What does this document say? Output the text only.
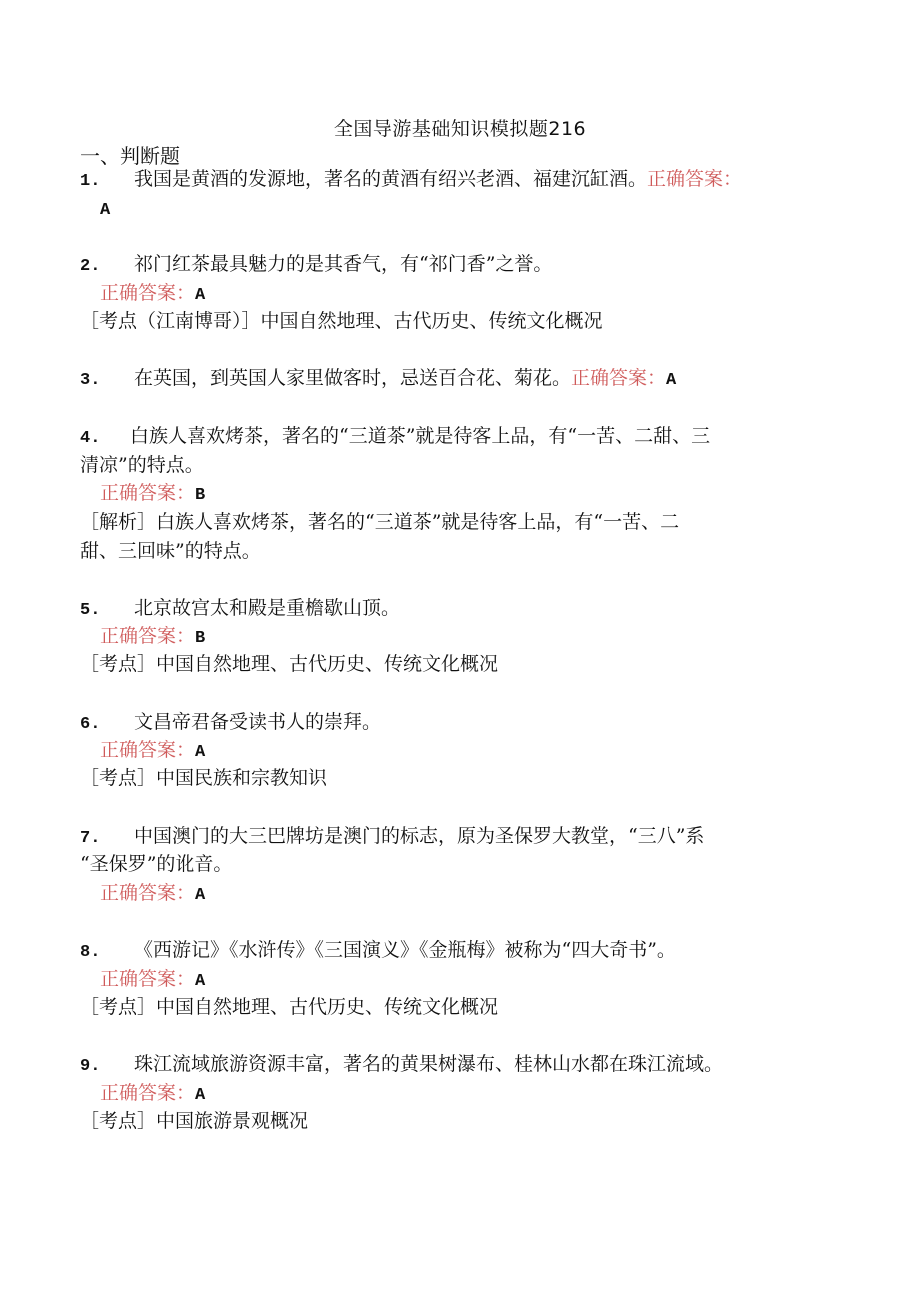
全国导游基础知识模拟题216
一、判断题
1. 我国是黄酒的发源地，著名的黄酒有绍兴老酒、福建沉缸酒。正确答案：
A
2. 祁门红茶最具魅力的是其香气，有“祁门香”之誉。
正确答案：A
［考点（江南博哥）］中国自然地理、古代历史、传统文化概况
3. 在英国，到英国人家里做客时，忌送百合花、菊花。正确答案：A
4. 白族人喜欢烤茶，著名的“三道茶”就是待客上品，有“一苦、二甜、三
清凉”的特点。
正确答案：B
［解析］白族人喜欢烤茶，著名的“三道茶”就是待客上品，有“一苦、二
甜、三回味”的特点。
5. 北京故宫太和殿是重檐歇山顶。
正确答案：B
［考点］中国自然地理、古代历史、传统文化概况
6. 文昌帝君备受读书人的崇拜。
正确答案：A
［考点］中国民族和宗教知识
7. 中国澳门的大三巴牌坊是澳门的标志，原为圣保罗大教堂，“三八”系
“圣保罗”的讹音。
正确答案：A
8. 《西游记》《水浒传》《三国演义》《金瓶梅》被称为“四大奇书”。
正确答案：A
［考点］中国自然地理、古代历史、传统文化概况
9. 珠江流域旅游资源丰富，著名的黄果树瀑布、桂林山水都在珠江流域。
正确答案：A
［考点］中国旅游景观概况
